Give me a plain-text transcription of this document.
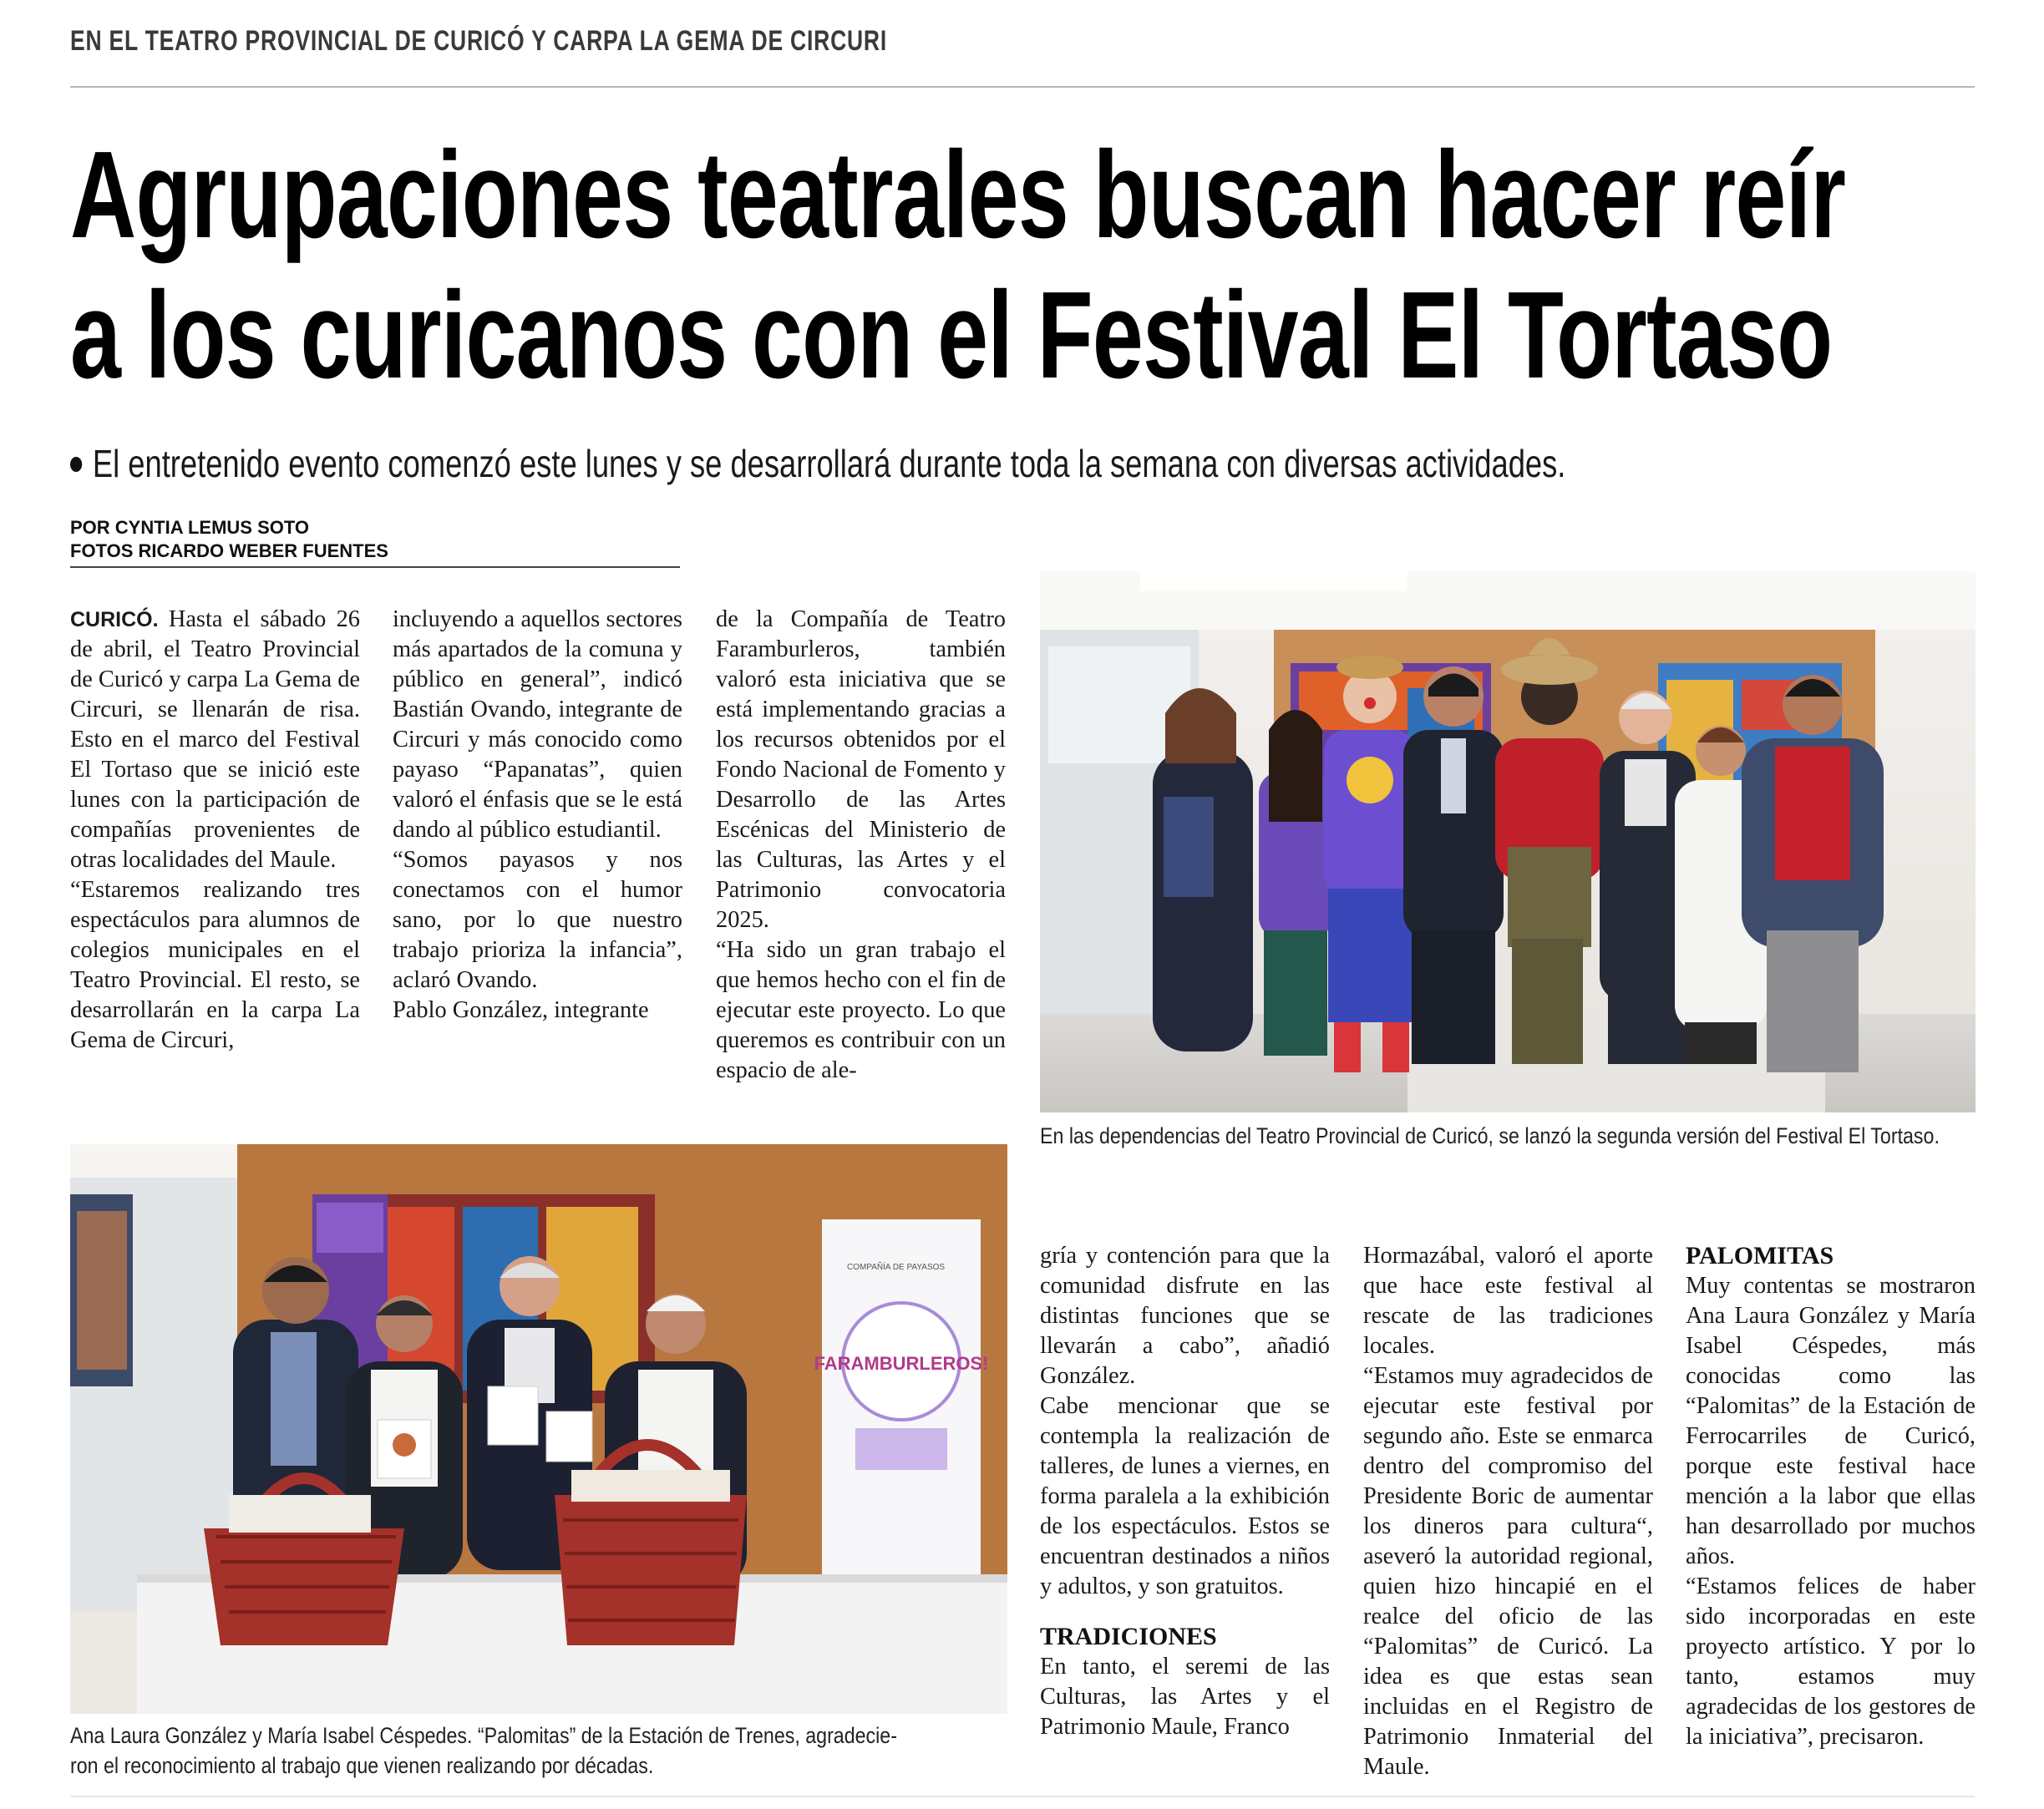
EN EL TEATRO PROVINCIAL DE CURICÓ Y CARPA LA GEMA DE CIRCURI
Agrupaciones teatrales buscan hacer reír
a los curicanos con el Festival El Tortaso
El entretenido evento comenzó este lunes y se desarrollará durante toda la semana con diversas actividades.
POR CYNTIA LEMUS SOTO
FOTOS RICARDO WEBER FUENTES

CURICÓ. Hasta el sábado 26 de abril, el Teatro Provincial de Curicó y carpa La Gema de Circuri, se llenarán de risa. Esto en el marco del Festival El Tortaso que se inició este lunes con la participación de compañías provenientes de otras localidades del Maule.

“Estaremos realizando tres espectáculos para alumnos de colegios municipales en el Teatro Provincial. El resto, se desarrollarán en la carpa La Gema de Circuri,

incluyendo a aquellos sectores más apartados de la comuna y público en general”, indicó Bastián Ovando, integrante de Circuri y más conocido como payaso “Papanatas”, quien valoró el énfasis que se le está dando al público estudiantil.

“Somos payasos y nos conectamos con el humor sano, por lo que nuestro trabajo prioriza la infancia”, aclaró Ovando.

Pablo González, integrante

de la Compañía de Teatro Faramburleros, también valoró esta iniciativa que se está implementando gracias a los recursos obtenidos por el Fondo Nacional de Fomento y Desarrollo de las Artes Escénicas del Ministerio de las Culturas, las Artes y el Patrimonio convocatoria 2025.

“Ha sido un gran trabajo el que hemos hecho con el fin de ejecutar este proyecto. Lo que queremos es contribuir con un espacio de ale-

En las dependencias del Teatro Provincial de Curicó, se lanzó la segunda versión del Festival El Tortaso.

COMPAÑÍA DE PAYASOS
FARAMBURLEROS!
Ana Laura González y María Isabel Céspedes. “Palomitas” de la Estación de Trenes, agradecie-
ron el reconocimiento al trabajo que vienen realizando por décadas.

gría y contención para que la comunidad disfrute en las distintas funciones que se llevarán a cabo”, añadió González.

Cabe mencionar que se contempla la realización de talleres, de lunes a viernes, en forma paralela a la exhibición de los espectáculos. Estos se encuentran destinados a niños y adultos, y son gratuitos.

TRADICIONES

En tanto, el seremi de las Culturas, las Artes y el Patrimonio Maule, Franco

Hormazábal, valoró el aporte que hace este festival al rescate de las tradiciones locales.

“Estamos muy agradecidos de ejecutar este festival por segundo año. Este se enmarca dentro del compromiso del Presidente Boric de aumentar los dineros para cultura“, aseveró la autoridad regional, quien hizo hincapié en el realce del oficio de las “Palomitas” de Curicó. La idea es que estas sean incluidas en el Registro de Patrimonio Inmaterial del Maule.

PALOMITAS

Muy contentas se mostraron Ana Laura González y María Isabel Céspedes, más conocidas como las “Palomitas” de la Estación de Ferrocarriles de Curicó, porque este festival hace mención a la labor que ellas han desarrollado por muchos años.

“Estamos felices de haber sido incorporadas en este proyecto artístico. Y por lo tanto, estamos muy agradecidas de los gestores de la iniciativa”, precisaron.
